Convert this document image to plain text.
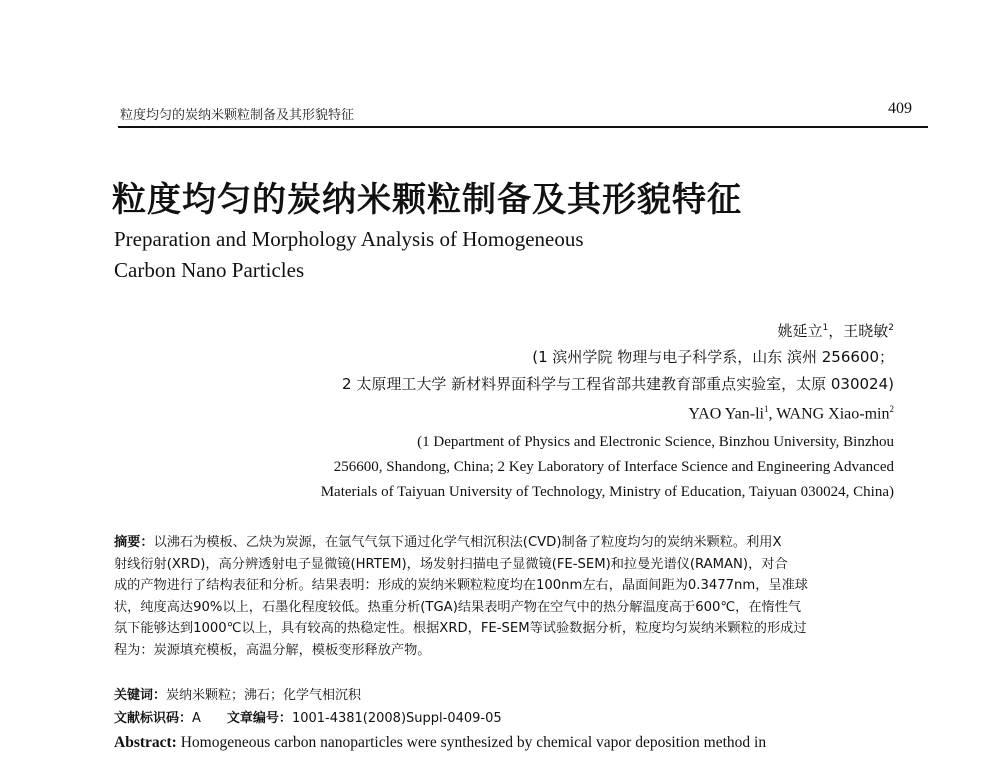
粒度均匀的炭纳米颗粒制备及其形貌特征	409
粒度均匀的炭纳米颗粒制备及其形貌特征
Preparation and Morphology Analysis of Homogeneous
Carbon Nano Particles
姚延立$^1$，王晓敏$^2$
(1 滨州学院 物理与电子科学系，山东 滨州 256600；
2 太原理工大学 新材料界面科学与工程省部共建教育部重点实验室，太原 030024)
YAO Yan-$li^1$, WANG Xiao-$\min^2$
(1 Department of Physics and Electronic Science, Binzhou University, Binzhou
256600, Shandong, China; 2 Key Laboratory of Interface Science and Engineering Advanced
Materials of Taiyuan University of Technology, Ministry of Education, Taiyuan 030024, China)
摘要：以沸石为模板、乙炔为炭源，在氩气气氛下通过化学气相沉积法(CVD)制备了粒度均匀的炭纳米颗粒。利用X
射线衍射(XRD)，高分辨透射电子显微镜(HRTEM)，场发射扫描电子显微镜(FE-SEM)和拉曼光谱仪(RAMAN)，对合
成的产物进行了结构表征和分析。结果表明：形成的炭纳米颗粒粒度均在100nm左右，晶面间距为0.3477nm，呈准球
状，纯度高达90%以上，石墨化程度较低。热重分析(TGA)结果表明产物在空气中的热分解温度高于600℃，在惰性气
氛下能够达到1000℃以上，具有较高的热稳定性。根据XRD，FE-SEM等试验数据分析，粒度均匀炭纳米颗粒的形成过
程为：炭源填充模板，高温分解，模板变形释放产物。
关键词：炭纳米颗粒；沸石；化学气相沉积
文献标识码：A 文章编号：1001-4381(2008)Suppl-0409-05
Abstract: Homogeneous carbon nanoparticles were synthesized by chemical vapor deposition method in
